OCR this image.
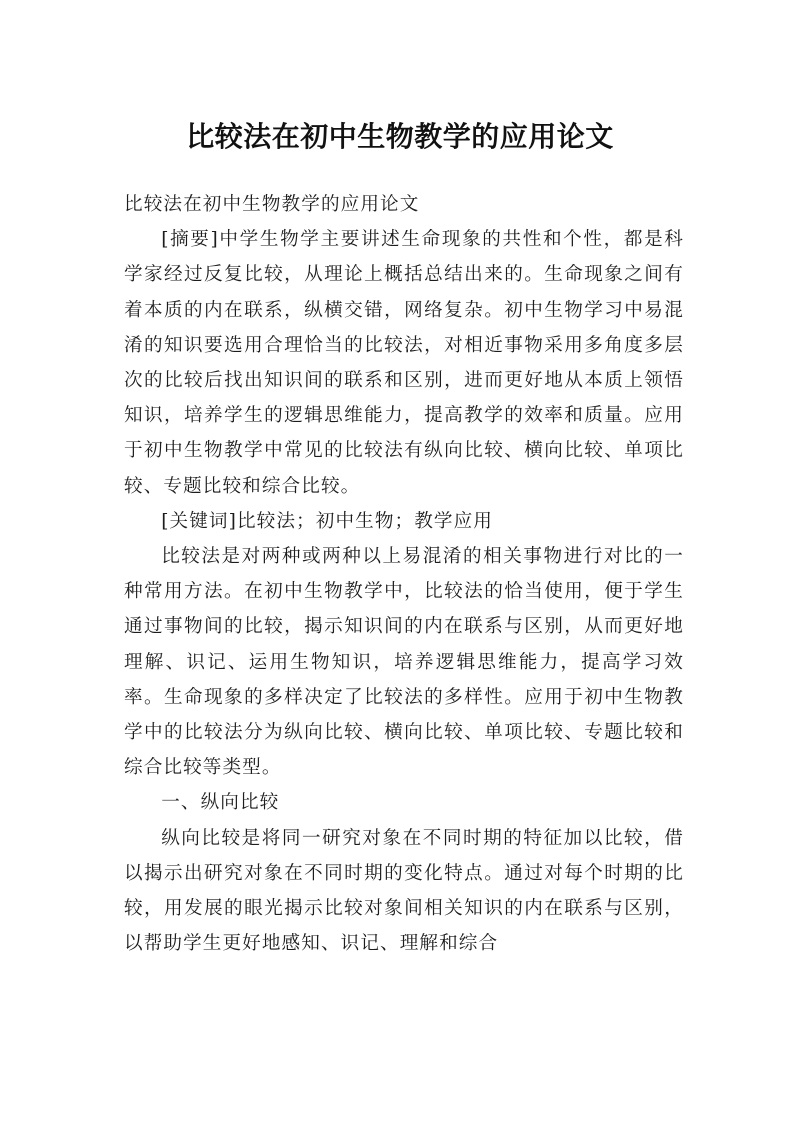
比较法在初中生物教学的应用论文

比较法在初中生物教学的应用论文

[摘要]中学生物学主要讲述生命现象的共性和个性，都是科学家经过反复比较，从理论上概括总结出来的。生命现象之间有着本质的内在联系，纵横交错，网络复杂。初中生物学习中易混淆的知识要选用合理恰当的比较法，对相近事物采用多角度多层次的比较后找出知识间的联系和区别，进而更好地从本质上领悟知识，培养学生的逻辑思维能力，提高教学的效率和质量。应用于初中生物教学中常见的比较法有纵向比较、横向比较、单项比较、专题比较和综合比较。

[关键词]比较法；初中生物；教学应用

比较法是对两种或两种以上易混淆的相关事物进行对比的一种常用方法。在初中生物教学中，比较法的恰当使用，便于学生通过事物间的比较，揭示知识间的内在联系与区别，从而更好地理解、识记、运用生物知识，培养逻辑思维能力，提高学习效率。生命现象的多样决定了比较法的多样性。应用于初中生物教学中的比较法分为纵向比较、横向比较、单项比较、专题比较和综合比较等类型。

一、纵向比较

纵向比较是将同一研究对象在不同时期的特征加以比较，借以揭示出研究对象在不同时期的变化特点。通过对每个时期的比较，用发展的眼光揭示比较对象间相关知识的内在联系与区别，以帮助学生更好地感知、识记、理解和综合
